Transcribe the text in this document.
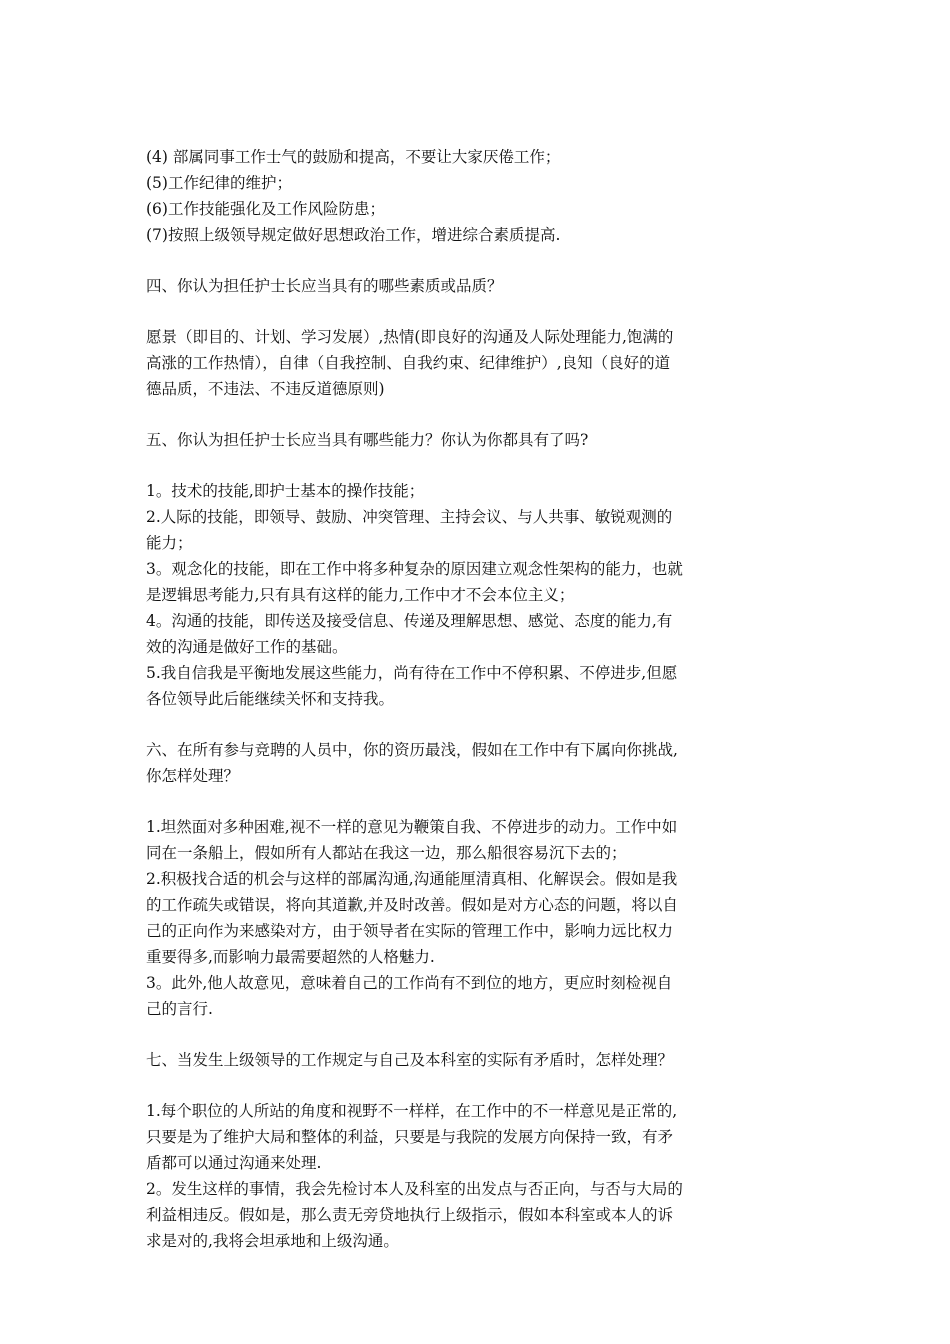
(4) 部属同事工作士气的鼓励和提高，不要让大家厌倦工作；
(5)工作纪律的维护；
(6)工作技能强化及工作风险防患；
(7)按照上级领导规定做好思想政治工作，增进综合素质提高.
四、你认为担任护士长应当具有的哪些素质或品质？
愿景（即目的、计划、学习发展）,热情(即良好的沟通及人际处理能力,饱满的
高涨的工作热情），自律（自我控制、自我约束、纪律维护）,良知（良好的道
德品质，不违法、不违反道德原则)
五、你认为担任护士长应当具有哪些能力？你认为你都具有了吗?
1。技术的技能,即护士基本的操作技能；
2.人际的技能，即领导、鼓励、冲突管理、主持会议、与人共事、敏锐观测的
能力；
3。观念化的技能，即在工作中将多种复杂的原因建立观念性架构的能力，也就
是逻辑思考能力,只有具有这样的能力,工作中才不会本位主义；
4。沟通的技能，即传送及接受信息、传递及理解思想、感觉、态度的能力,有
效的沟通是做好工作的基础。
5.我自信我是平衡地发展这些能力，尚有待在工作中不停积累、不停进步,但愿
各位领导此后能继续关怀和支持我。
六、在所有参与竞聘的人员中，你的资历最浅，假如在工作中有下属向你挑战,
你怎样处理？
1.坦然面对多种困难,视不一样的意见为鞭策自我、不停进步的动力。工作中如
同在一条船上，假如所有人都站在我这一边，那么船很容易沉下去的；
2.积极找合适的机会与这样的部属沟通,沟通能厘清真相、化解误会。假如是我
的工作疏失或错误，将向其道歉,并及时改善。假如是对方心态的问题，将以自
己的正向作为来感染对方，由于领导者在实际的管理工作中，影响力远比权力
重要得多,而影响力最需要超然的人格魅力.
3。此外,他人故意见，意味着自己的工作尚有不到位的地方，更应时刻检视自
己的言行.
七、当发生上级领导的工作规定与自己及本科室的实际有矛盾时，怎样处理？
1.每个职位的人所站的角度和视野不一样样，在工作中的不一样意见是正常的,
只要是为了维护大局和整体的利益，只要是与我院的发展方向保持一致，有矛
盾都可以通过沟通来处理.
2。发生这样的事情，我会先检讨本人及科室的出发点与否正向，与否与大局的
利益相违反。假如是，那么责无旁贷地执行上级指示，假如本科室或本人的诉
求是对的,我将会坦承地和上级沟通。
